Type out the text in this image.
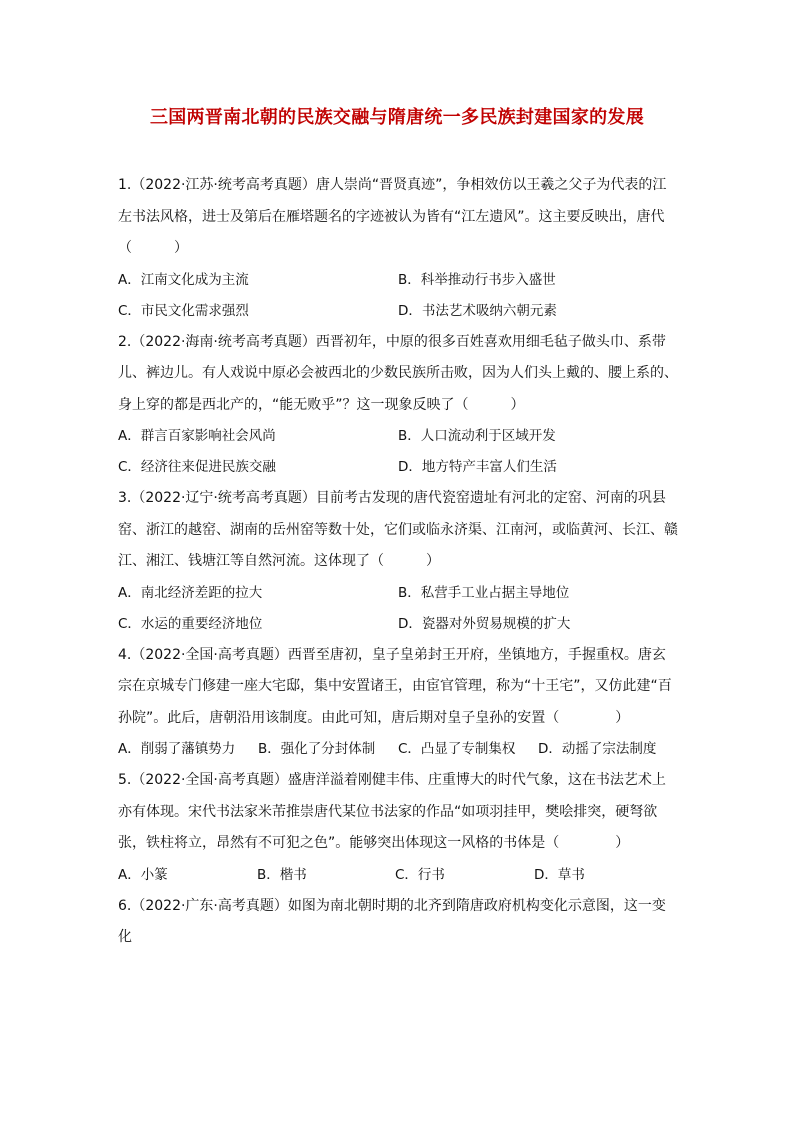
三国两晋南北朝的民族交融与隋唐统一多民族封建国家的发展

1.（2022·江苏·统考高考真题）唐人崇尚“晋贤真迹”，争相效仿以王羲之父子为代表的江左书法风格，进士及第后在雁塔题名的字迹被认为皆有“江左遗风”。这主要反映出，唐代（　　　）

A．江南文化成为主流	B．科举推动行书步入盛世
C．市民文化需求强烈	D．书法艺术吸纳六朝元素

2.（2022·海南·统考高考真题）西晋初年，中原的很多百姓喜欢用细毛毡子做头巾、系带儿、裤边儿。有人戏说中原必会被西北的少数民族所击败，因为人们头上戴的、腰上系的、身上穿的都是西北产的，“能无败乎”？这一现象反映了（　　　）

A．群言百家影响社会风尚	B．人口流动利于区域开发
C．经济往来促进民族交融	D．地方特产丰富人们生活

3.（2022·辽宁·统考高考真题）目前考古发现的唐代瓷窑遗址有河北的定窑、河南的巩县窑、浙江的越窑、湖南的岳州窑等数十处，它们或临永济渠、江南河，或临黄河、长江、赣江、湘江、钱塘江等自然河流。这体现了（　　　）

A．南北经济差距的拉大	B．私营手工业占据主导地位
C．水运的重要经济地位	D．瓷器对外贸易规模的扩大

4.（2022·全国·高考真题）西晋至唐初，皇子皇弟封王开府，坐镇地方，手握重权。唐玄宗在京城专门修建一座大宅邸，集中安置诸王，由宦官管理，称为“十王宅”，又仿此建“百孙院”。此后，唐朝沿用该制度。由此可知，唐后期对皇子皇孙的安置（　　　　）

A．削弱了藩镇势力	B．强化了分封体制	C．凸显了专制集权	D．动摇了宗法制度

5.（2022·全国·高考真题）盛唐洋溢着刚健丰伟、庄重博大的时代气象，这在书法艺术上亦有体现。宋代书法家米芾推崇唐代某位书法家的作品“如项羽挂甲，樊哙排突，硬弩欲张，铁柱将立，昂然有不可犯之色”。能够突出体现这一风格的书体是（　　　　）

A．小篆	B．楷书	C．行书	D．草书

6.（2022·广东·高考真题）如图为南北朝时期的北齐到隋唐政府机构变化示意图，这一变化
